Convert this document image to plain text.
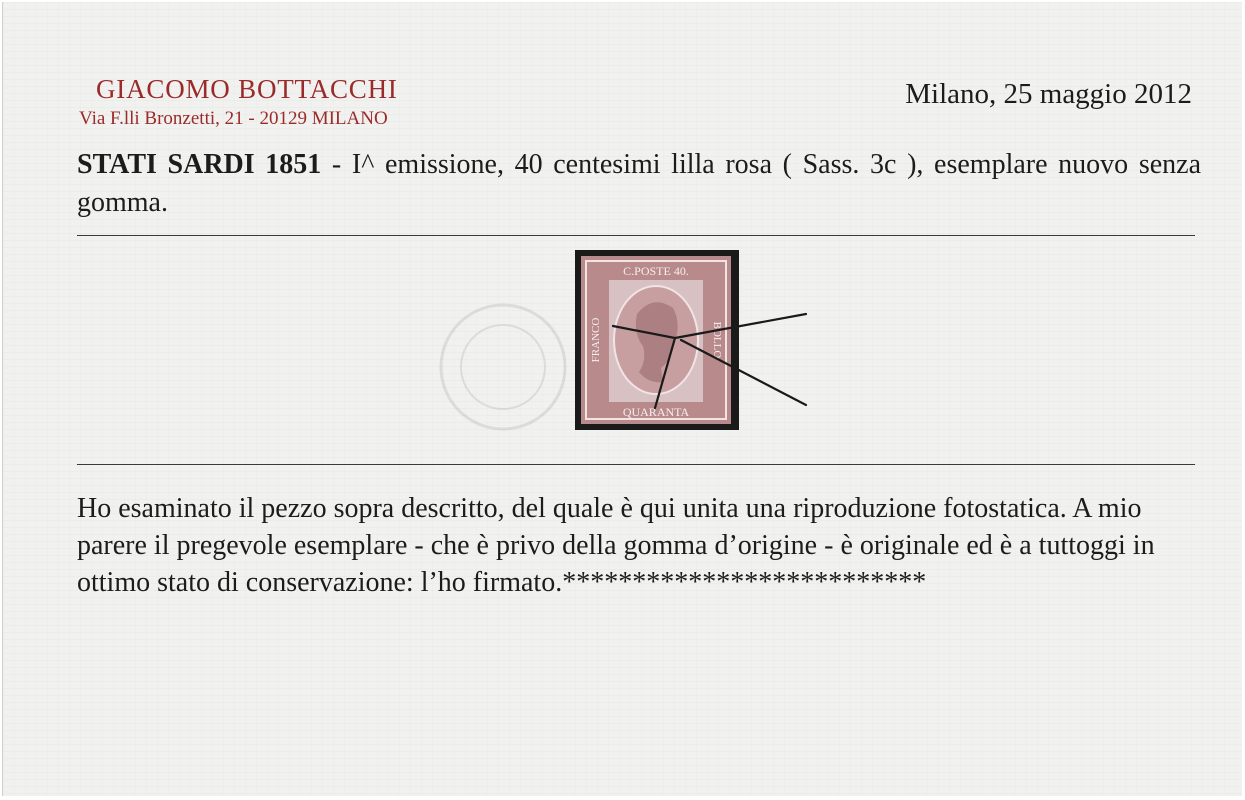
GIACOMO BOTTACCHI
Via F.lli Bronzetti, 21 - 20129 MILANO
Milano, 25 maggio 2012
STATI SARDI 1851 - I^ emissione, 40 centesimi lilla rosa ( Sass. 3c ), esemplare nuovo senza gomma.
C.POSTE 40.
QUARANTA
FRANCO	BOLLO
Ho esaminato il pezzo sopra descritto, del quale è qui unita una riproduzione fotostatica. A mio parere il pregevole esemplare - che è privo della gomma d’origine - è originale ed è a tuttoggi in ottimo stato di conservazione: l’ho firmato.**************************
